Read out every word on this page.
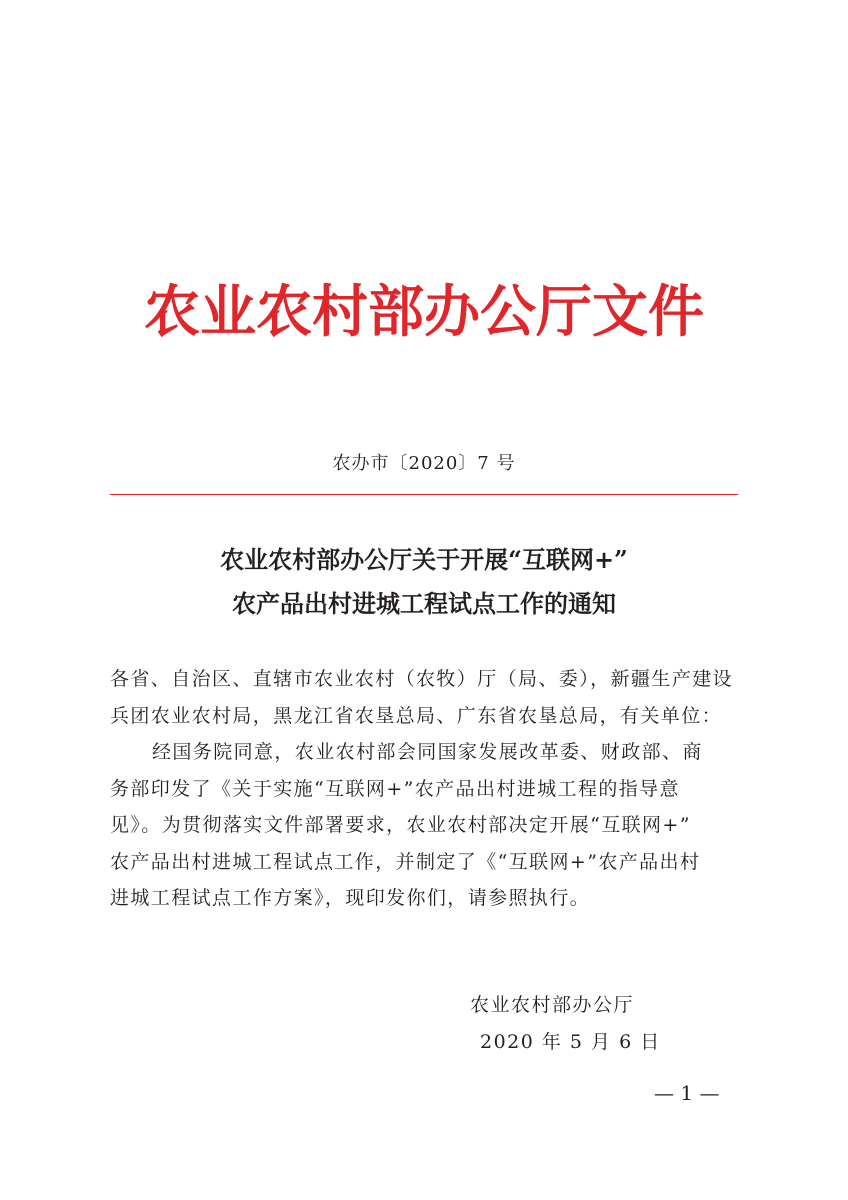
农业农村部办公厅文件
农办市〔2020〕7 号
农业农村部办公厅关于开展“互联网+”
农产品出村进城工程试点工作的通知
各省、自治区、直辖市农业农村（农牧）厅（局、委），新疆生产建设
兵团农业农村局，黑龙江省农垦总局、广东省农垦总局，有关单位：
经国务院同意，农业农村部会同国家发展改革委、财政部、商
务部印发了《关于实施“互联网+”农产品出村进城工程的指导意
见》。为贯彻落实文件部署要求，农业农村部决定开展“互联网+”
农产品出村进城工程试点工作，并制定了《“互联网+”农产品出村
进城工程试点工作方案》，现印发你们，请参照执行。
农业农村部办公厅
2020 年 5 月 6 日
— 1 —
